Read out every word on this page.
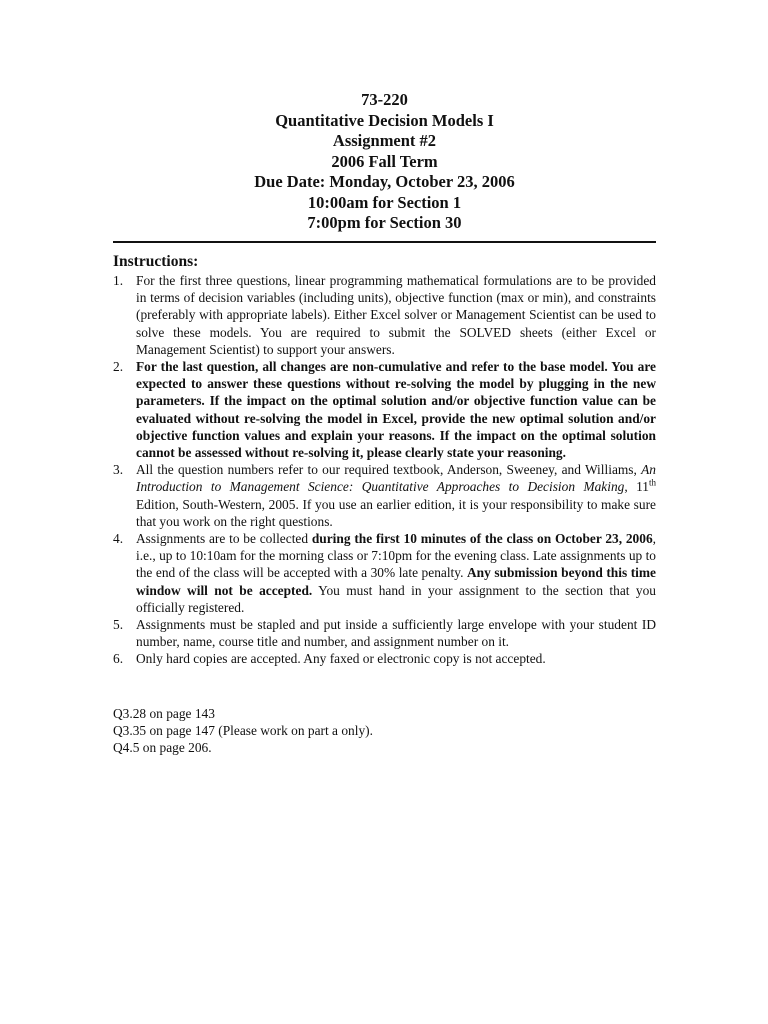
73-220
Quantitative Decision Models I
Assignment #2
2006 Fall Term
Due Date: Monday, October 23, 2006
10:00am for Section 1
7:00pm for Section 30
Instructions:
1. For the first three questions, linear programming mathematical formulations are to be provided in terms of decision variables (including units), objective function (max or min), and constraints (preferably with appropriate labels). Either Excel solver or Management Scientist can be used to solve these models. You are required to submit the SOLVED sheets (either Excel or Management Scientist) to support your answers.
2. For the last question, all changes are non-cumulative and refer to the base model. You are expected to answer these questions without re-solving the model by plugging in the new parameters. If the impact on the optimal solution and/or objective function value can be evaluated without re-solving the model in Excel, provide the new optimal solution and/or objective function values and explain your reasons. If the impact on the optimal solution cannot be assessed without re-solving it, please clearly state your reasoning.
3. All the question numbers refer to our required textbook, Anderson, Sweeney, and Williams, An Introduction to Management Science: Quantitative Approaches to Decision Making, 11th Edition, South-Western, 2005. If you use an earlier edition, it is your responsibility to make sure that you work on the right questions.
4. Assignments are to be collected during the first 10 minutes of the class on October 23, 2006, i.e., up to 10:10am for the morning class or 7:10pm for the evening class. Late assignments up to the end of the class will be accepted with a 30% late penalty. Any submission beyond this time window will not be accepted. You must hand in your assignment to the section that you officially registered.
5. Assignments must be stapled and put inside a sufficiently large envelope with your student ID number, name, course title and number, and assignment number on it.
6. Only hard copies are accepted. Any faxed or electronic copy is not accepted.
Q3.28 on page 143
Q3.35 on page 147 (Please work on part a only).
Q4.5 on page 206.
